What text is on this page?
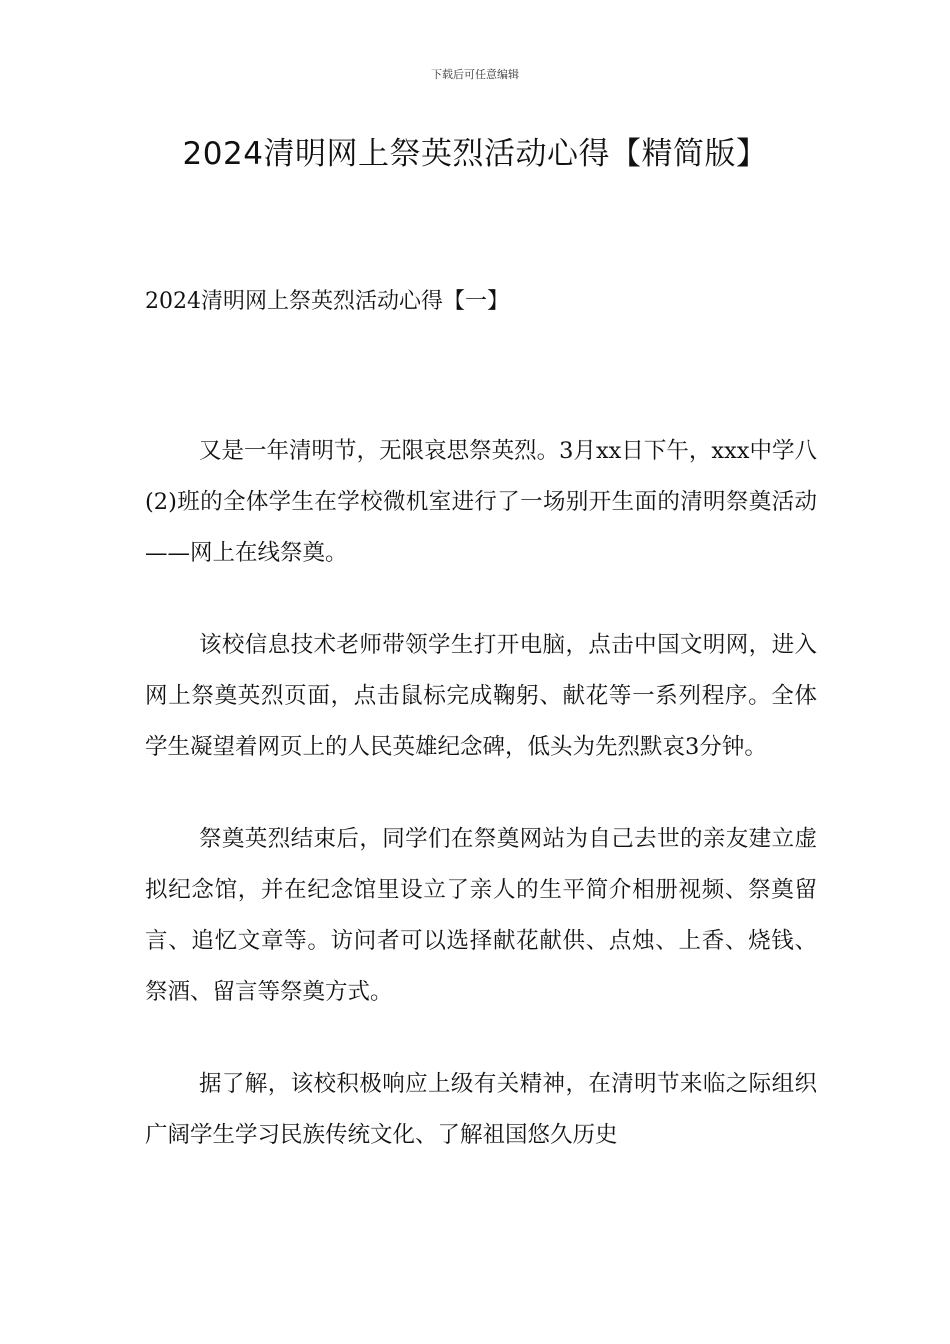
下载后可任意编辑
2024清明网上祭英烈活动心得【精简版】
2024清明网上祭英烈活动心得【一】

又是一年清明节，无限哀思祭英烈。3月xx日下午，xxx中学八(2)班的全体学生在学校微机室进行了一场别开生面的清明祭奠活动——网上在线祭奠。

该校信息技术老师带领学生打开电脑，点击中国文明网，进入网上祭奠英烈页面，点击鼠标完成鞠躬、献花等一系列程序。全体学生凝望着网页上的人民英雄纪念碑，低头为先烈默哀3分钟。

祭奠英烈结束后，同学们在祭奠网站为自己去世的亲友建立虚拟纪念馆，并在纪念馆里设立了亲人的生平简介相册视频、祭奠留言、追忆文章等。访问者可以选择献花献供、点烛、上香、烧钱、祭酒、留言等祭奠方式。

据了解，该校积极响应上级有关精神，在清明节来临之际组织广阔学生学习民族传统文化、了解祖国悠久历史
